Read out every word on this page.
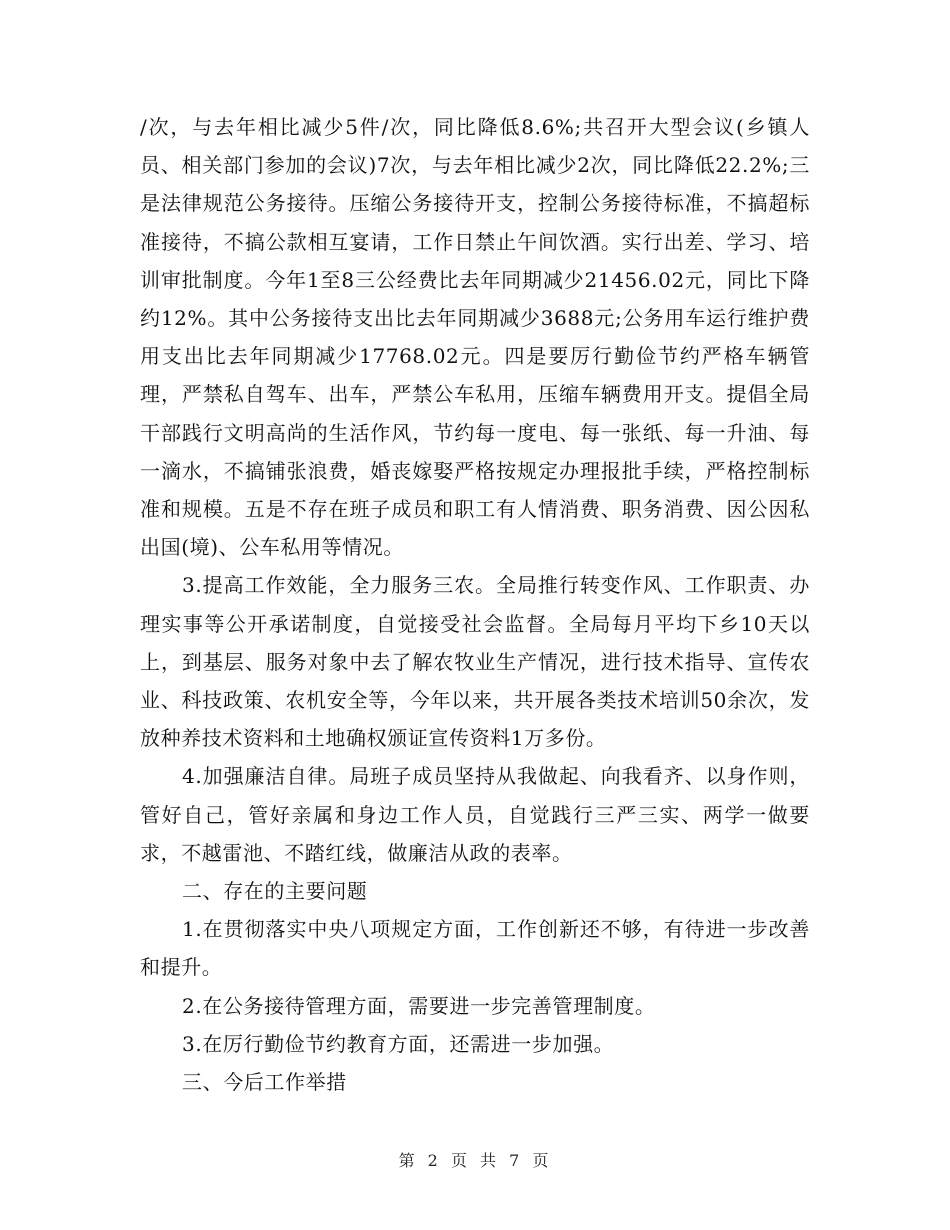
/次，与去年相比减少5件/次，同比降低8.6%;共召开大型会议(乡镇人员、相关部门参加的会议)7次，与去年相比减少2次，同比降低22.2%;三是法律规范公务接待。压缩公务接待开支，控制公务接待标准，不搞超标准接待，不搞公款相互宴请，工作日禁止午间饮酒。实行出差、学习、培训审批制度。今年1至8三公经费比去年同期减少21456.02元，同比下降约12%。其中公务接待支出比去年同期减少3688元;公务用车运行维护费用支出比去年同期减少17768.02元。四是要厉行勤俭节约严格车辆管理，严禁私自驾车、出车，严禁公车私用，压缩车辆费用开支。提倡全局干部践行文明高尚的生活作风，节约每一度电、每一张纸、每一升油、每一滴水，不搞铺张浪费，婚丧嫁娶严格按规定办理报批手续，严格控制标准和规模。五是不存在班子成员和职工有人情消费、职务消费、因公因私出国(境)、公车私用等情况。

3.提高工作效能，全力服务三农。全局推行转变作风、工作职责、办理实事等公开承诺制度，自觉接受社会监督。全局每月平均下乡10天以上，到基层、服务对象中去了解农牧业生产情况，进行技术指导、宣传农业、科技政策、农机安全等，今年以来，共开展各类技术培训50余次，发放种养技术资料和土地确权颁证宣传资料1万多份。

4.加强廉洁自律。局班子成员坚持从我做起、向我看齐、以身作则，管好自己，管好亲属和身边工作人员，自觉践行三严三实、两学一做要求，不越雷池、不踏红线，做廉洁从政的表率。

二、存在的主要问题

1.在贯彻落实中央八项规定方面，工作创新还不够，有待进一步改善和提升。

2.在公务接待管理方面，需要进一步完善管理制度。

3.在厉行勤俭节约教育方面，还需进一步加强。

三、今后工作举措

第 2 页 共 7 页
